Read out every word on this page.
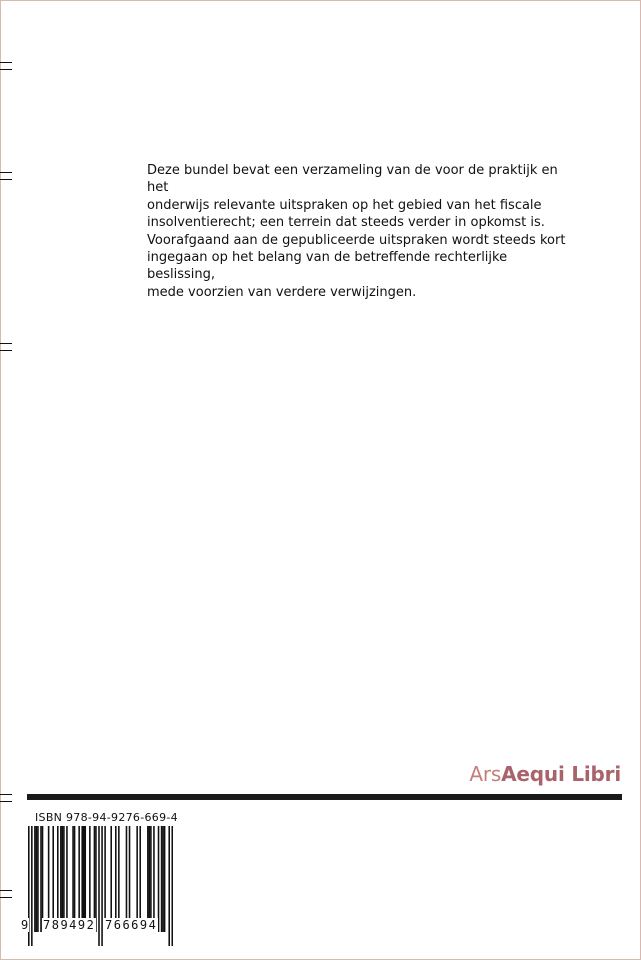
Deze bundel bevat een verzameling van de voor de praktijk en het

onderwijs relevante uitspraken op het gebied van het fiscale

insolventierecht; een terrein dat steeds verder in opkomst is.

Voorafgaand aan de gepubliceerde uitspraken wordt steeds kort

ingegaan op het belang van de betreffende rechterlijke beslissing,

mede voorzien van verdere verwijzingen.

ArsAequi Libri
ISBN 978-94-9276-669-4
9 789492 766694
